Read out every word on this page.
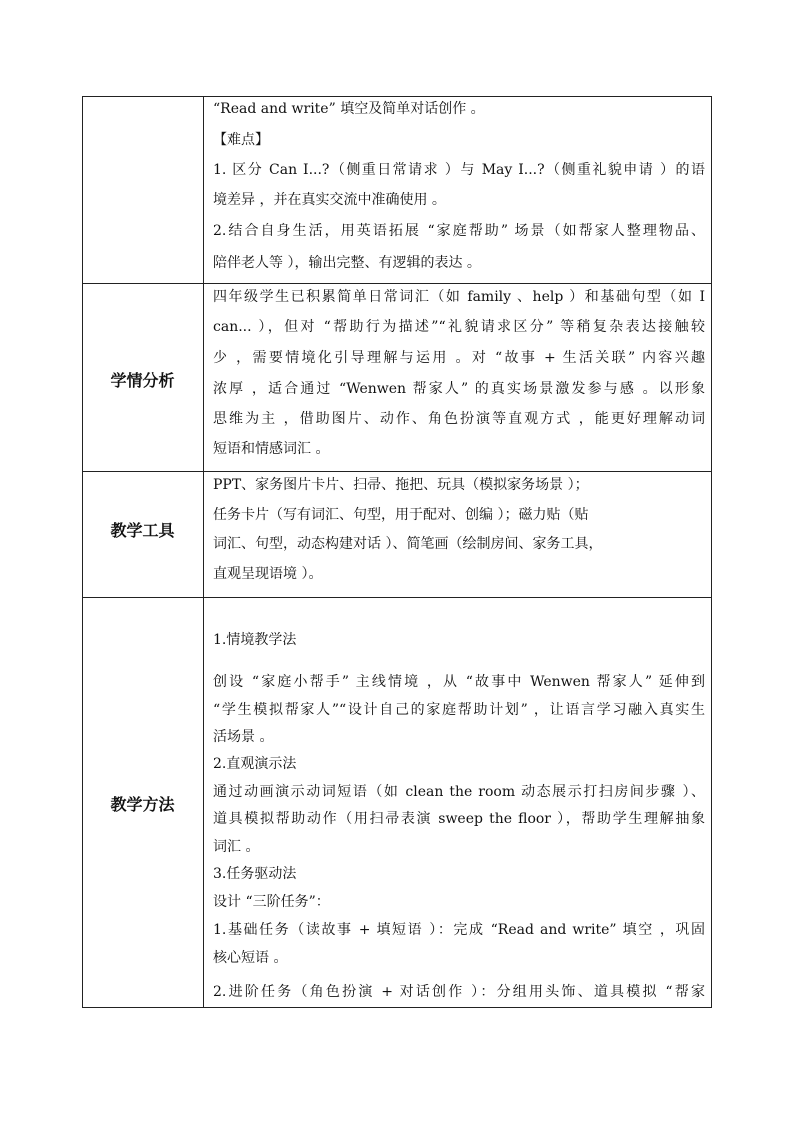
“Read and write” 填空及简单对话创作 。
【难点】
1. 区分 Can I...?（侧重日常请求 ）与 May I...?（侧重礼貌申请 ）的语
境差异 ，并在真实交流中准确使用 。
2.结合自身生活，用英语拓展 “家庭帮助” 场景（如帮家人整理物品、
陪伴老人等 ），输出完整、有逻辑的表达 。
学情分析
四年级学生已积累简单日常词汇（如 family 、help ）和基础句型（如 I
can... ），但对 “帮助行为描述”“礼貌请求区分” 等稍复杂表达接触较
少 ，需要情境化引导理解与运用 。对 “故事 + 生活关联” 内容兴趣
浓厚 ，适合通过 “Wenwen 帮家人” 的真实场景激发参与感 。以形象
思维为主 ，借助图片、动作、角色扮演等直观方式 ，能更好理解动词
短语和情感词汇 。
教学工具
PPT、家务图片卡片、扫帚、拖把、玩具（模拟家务场景 ）；
任务卡片（写有词汇、句型，用于配对、创编 ）；磁力贴（贴
词汇、句型，动态构建对话 ）、简笔画（绘制房间、家务工具，
直观呈现语境 ）。
教学方法
1.情境教学法
创设 “家庭小帮手” 主线情境 ，从 “故事中 Wenwen 帮家人” 延伸到
“学生模拟帮家人”“设计自己的家庭帮助计划” ，让语言学习融入真实生
活场景 。
2.直观演示法
通过动画演示动词短语（如 clean the room 动态展示打扫房间步骤 ）、
道具模拟帮助动作（用扫帚表演 sweep the floor ），帮助学生理解抽象
词汇 。
3.任务驱动法
设计 “三阶任务”：
1.基础任务（读故事 + 填短语 ）：完成 “Read and write” 填空 ，巩固
核心短语 。
2.进阶任务（角色扮演 + 对话创作 ）：分组用头饰、道具模拟 “帮家
